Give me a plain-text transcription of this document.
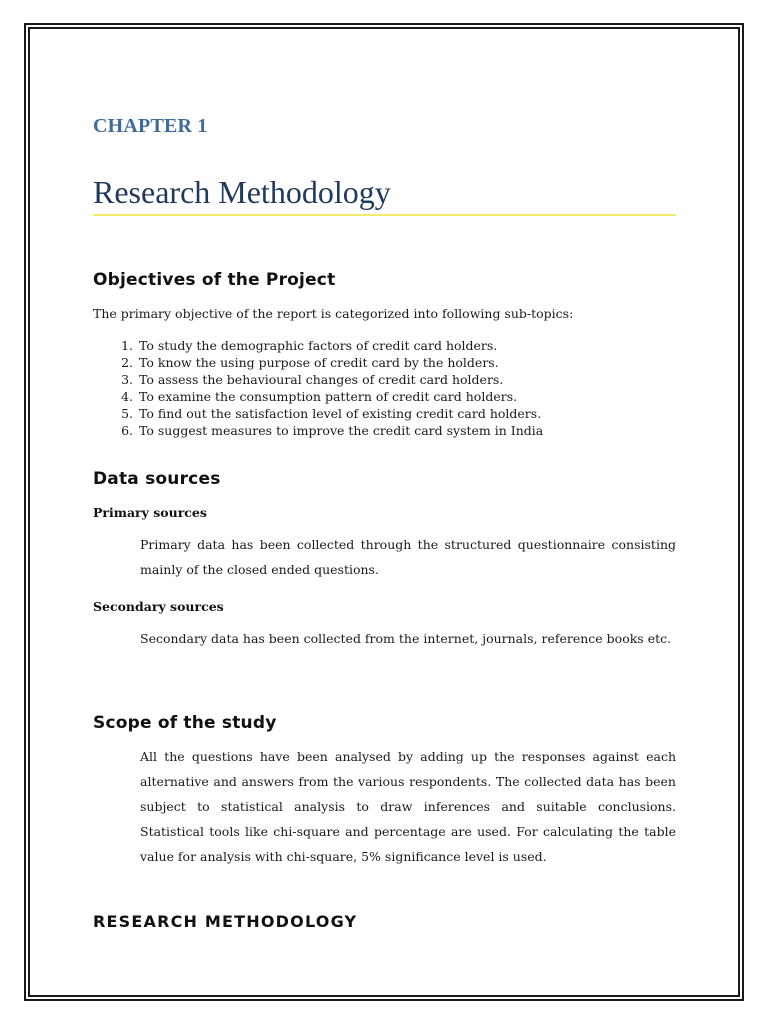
CHAPTER 1
Research Methodology
Objectives of the Project
The primary objective of the report is categorized into following sub-topics:
1. To study the demographic factors of credit card holders.
2. To know the using purpose of credit card by the holders.
3. To assess the behavioural changes of credit card holders.
4. To examine the consumption pattern of credit card holders.
5. To find out the satisfaction level of existing credit card holders.
6. To suggest measures to improve the credit card system in India
Data sources
Primary sources
Primary data has been collected through the structured questionnaire consisting mainly of the closed ended questions.
Secondary sources
Secondary data has been collected from the internet, journals, reference books etc.
Scope of the study
All the questions have been analysed by adding up the responses against each alternative and answers from the various respondents. The collected data has been subject to statistical analysis to draw inferences and suitable conclusions. Statistical tools like chi-square and percentage are used. For calculating the table value for analysis with chi-square, 5% significance level is used.
RESEARCH METHODOLOGY
